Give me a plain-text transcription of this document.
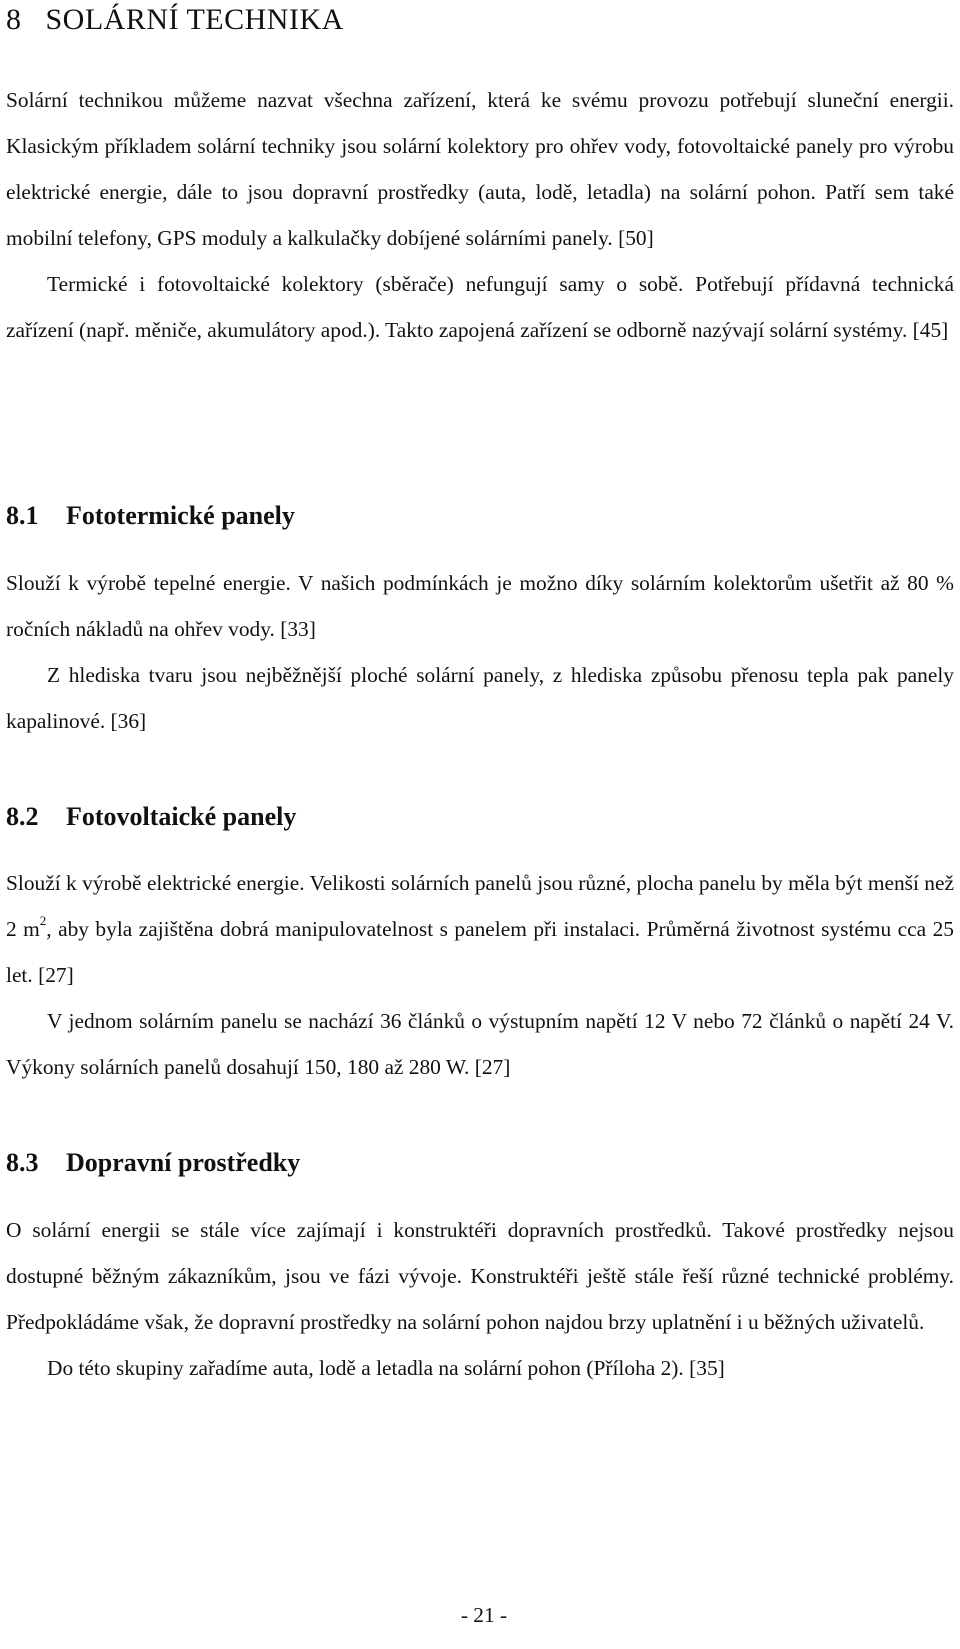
8 SOLÁRNÍ TECHNIKA

Solární technikou můžeme nazvat všechna zařízení, která ke svému provozu potřebují sluneční energii. Klasickým příkladem solární techniky jsou solární kolektory pro ohřev vody, fotovoltaické panely pro výrobu elektrické energie, dále to jsou dopravní prostředky (auta, lodě, letadla) na solární pohon. Patří sem také mobilní telefony, GPS moduly a kalkulačky dobíjené solárními panely. [50]

Termické i fotovoltaické kolektory (sběrače) nefungují samy o sobě. Potřebují přídavná technická zařízení (např. měniče, akumulátory apod.). Takto zapojená zařízení se odborně nazývají solární systémy. [45]

8.1 Fototermické panely

Slouží k výrobě tepelné energie. V našich podmínkách je možno díky solárním kolektorům ušetřit až 80 % ročních nákladů na ohřev vody. [33]

Z hlediska tvaru jsou nejběžnější ploché solární panely, z hlediska způsobu přenosu tepla pak panely kapalinové. [36]

8.2 Fotovoltaické panely

Slouží k výrobě elektrické energie. Velikosti solárních panelů jsou různé, plocha panelu by měla být menší než 2 $m^2$, aby byla zajištěna dobrá manipulovatelnost s panelem při instalaci. Průměrná životnost systému cca 25 let. [27]

V jednom solárním panelu se nachází 36 článků o výstupním napětí 12 V nebo 72 článků o napětí 24 V. Výkony solárních panelů dosahují 150, 180 až 280 W. [27]

8.3 Dopravní prostředky

O solární energii se stále více zajímají i konstruktéři dopravních prostředků. Takové prostředky nejsou dostupné běžným zákazníkům, jsou ve fázi vývoje. Konstruktéři ještě stále řeší různé technické problémy. Předpokládáme však, že dopravní prostředky na solární pohon najdou brzy uplatnění i u běžných uživatelů.

Do této skupiny zařadíme auta, lodě a letadla na solární pohon (Příloha 2). [35]

- 21 -
